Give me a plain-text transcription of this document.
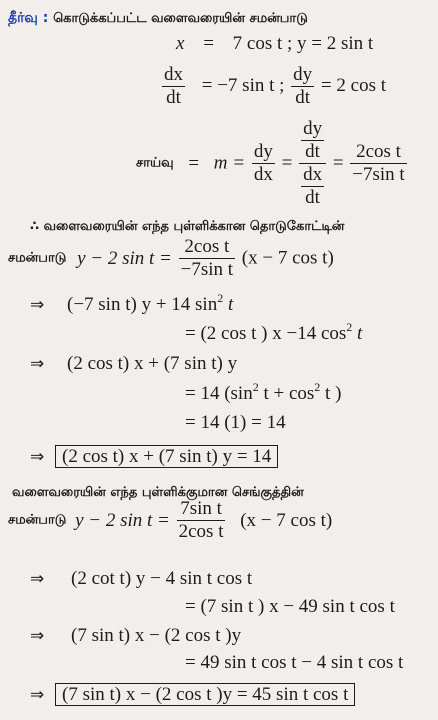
தீர்வு : கொடுக்கப்பட்ட வளைவரையின் சமன்பாடு
x = 7 cos t ; y = 2 sin t
$\frac{dx}{dt} = -7$ sin t ; $\frac{dy}{dt} = 2$ cos t
சாய்வு = $m = \frac{dy}{dx} = \frac{\frac{dy}{dt}}{\frac{dx}{dt}} = \frac{\text{2cos t}}{\text{−7sin t}}$
∴ வளைவரையின் எந்த புள்ளிக்கான தொடுகோட்டின்
சமன்பாடு y − 2 $\sin t = \frac{\text{2cos t}}{\text{−7sin t}} (x - 7$ cos t)
⇒ (−7 sin t) y + 14 $\sin^2 t$
= (2 cos t ) x −14 $\cos^2 t$
⇒ (2 cos t) x + (7 sin t) y
= 14 ($\sin^2$ $t + \cos^2 t$ )
= 14 (1) = 14
⇒ (2 cos t) x + (7 sin t) y = 14
வளைவரையின் எந்த புள்ளிக்குமான செங்குத்தின்
சமன்பாடு y − 2 $\sin t = \frac{\text{7sin t}}{\text{2cos t}} (x - 7$ cos t)
⇒ (2 cot t) y − 4 sin t cos t
= (7 sin t ) x − 49 sin t cos t
⇒ (7 sin t) x − (2 cos t )y
= 49 sin t cos t − 4 sin t cos t
⇒ (7 sin t) x − (2 cos t )y = 45 sin t cos t
